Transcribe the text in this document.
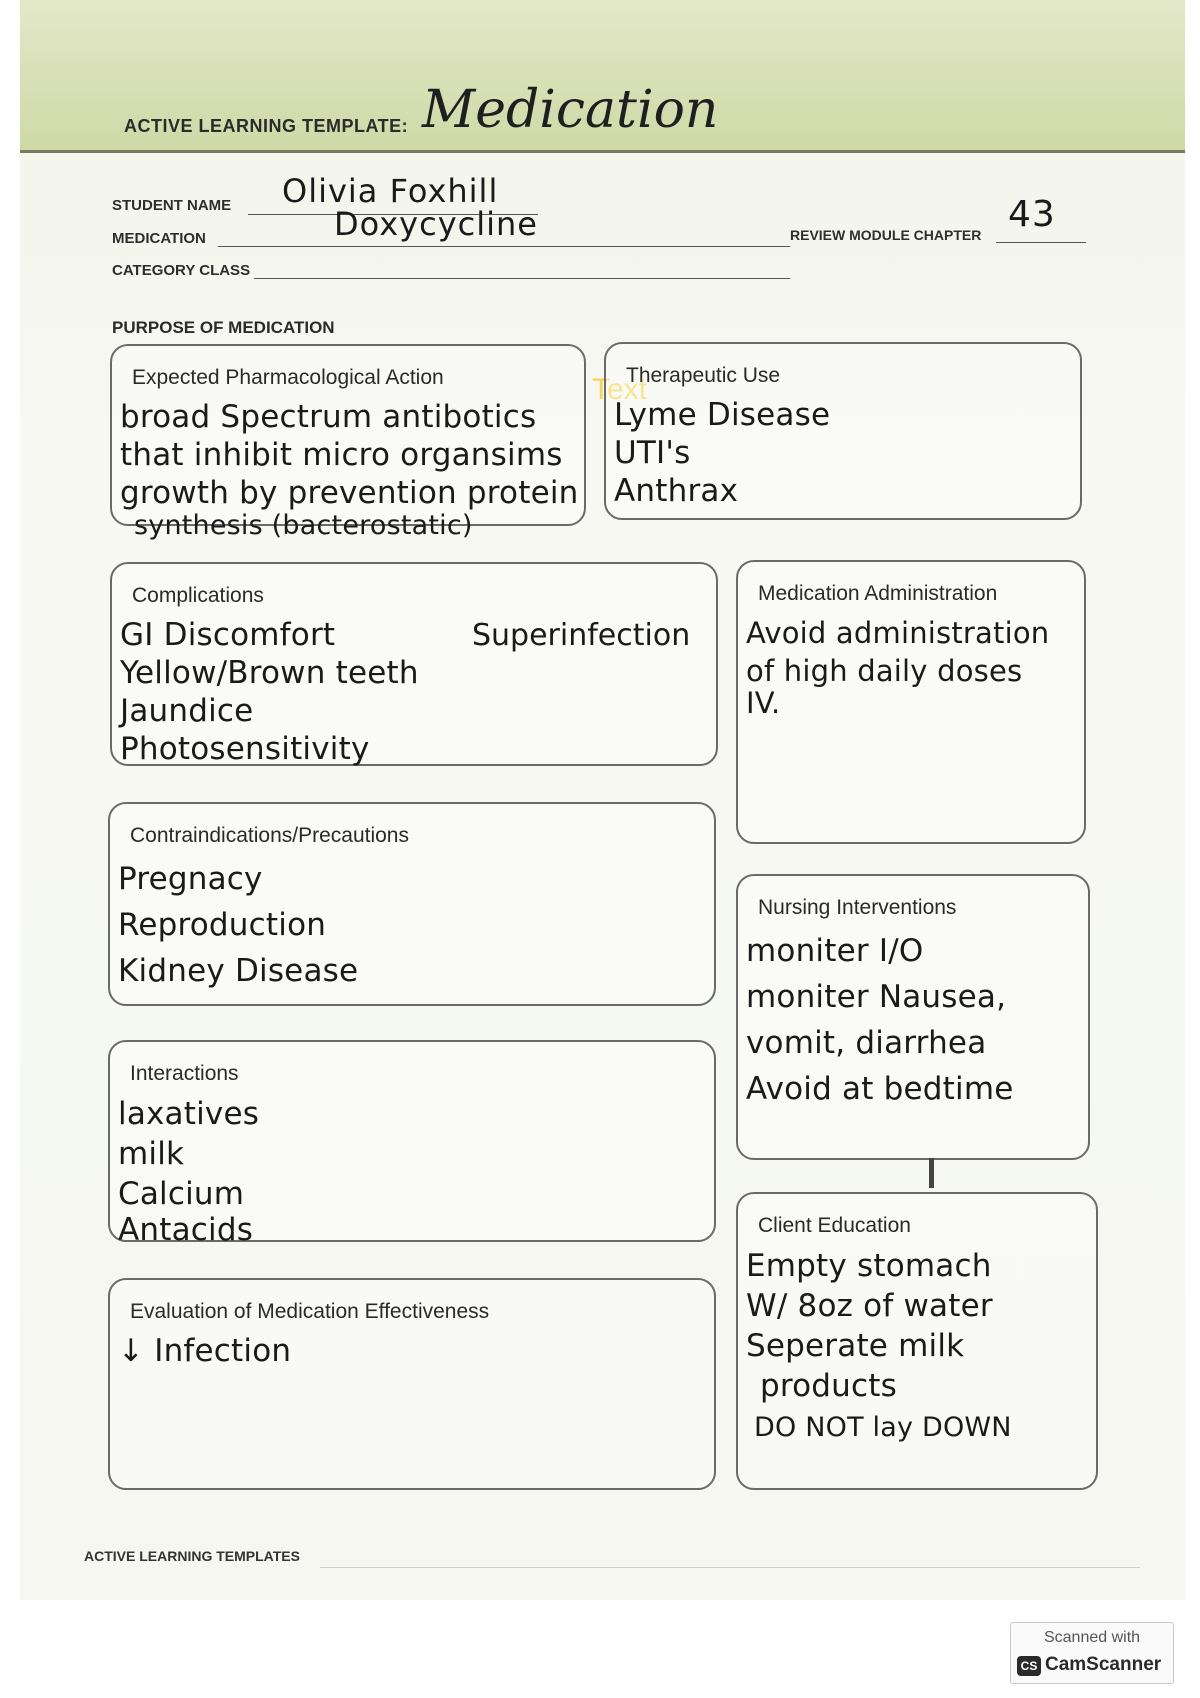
ACTIVE LEARNING TEMPLATE: Medication
STUDENT NAME Olivia Foxhill
MEDICATION	Doxycycline
CATEGORY CLASS
REVIEW MODULE CHAPTER 43
PURPOSE OF MEDICATION
Expected Pharmacological Action
broad Spectrum antibotics
that inhibit micro organsims
growth by prevention protein
synthesis (bacterostatic)
Text
Therapeutic Use
Lyme Disease
UTI's
Anthrax
Complications
GI Discomfort
Yellow/Brown teeth
Jaundice
Photosensitivity
Superinfection
Medication Administration
Avoid administration
of high daily doses
IV.
Contraindications/Precautions
Pregnacy
Reproduction
Kidney Disease
Nursing Interventions
moniter I/O
moniter Nausea,
vomit, diarrhea
Avoid at bedtime
Interactions
laxatives
milk
Calcium
Antacids	Client Education
Empty stomach
W/ 8oz of water
Seperate milk
products
DO NOT lay DOWN
Evaluation of Medication Effectiveness
↓ Infection
ACTIVE LEARNING TEMPLATES
Scanned with
CS CamScanner
